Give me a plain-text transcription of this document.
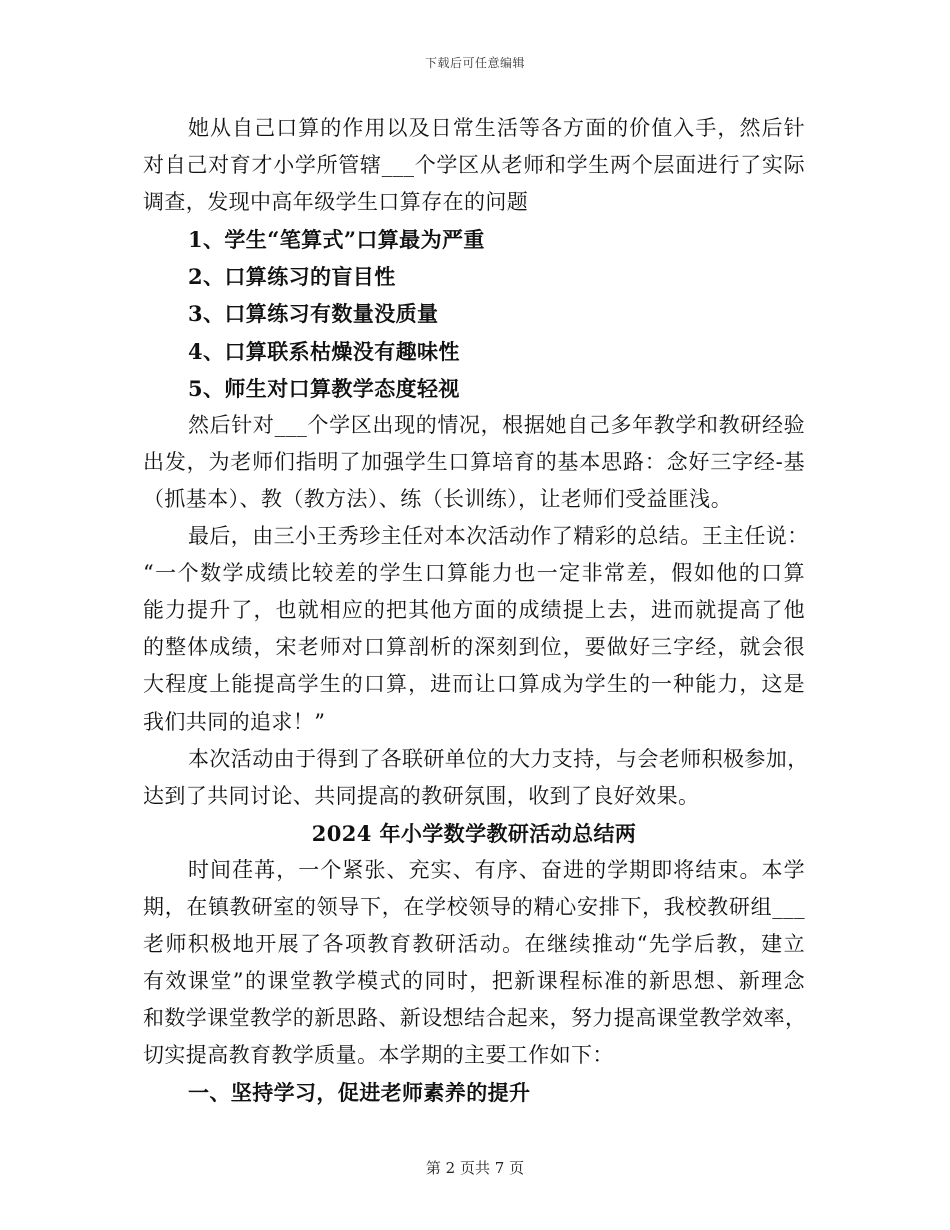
下载后可任意编辑
她从自己口算的作用以及日常生活等各方面的价值入手，然后针
对自己对育才小学所管辖___个学区从老师和学生两个层面进行了实际
调查，发现中高年级学生口算存在的问题
1、学生“笔算式”口算最为严重
2、口算练习的盲目性
3、口算练习有数量没质量
4、口算联系枯燥没有趣味性
5、师生对口算教学态度轻视
然后针对___个学区出现的情况，根据她自己多年教学和教研经验
出发，为老师们指明了加强学生口算培育的基本思路：念好三字经-基
（抓基本）、教（教方法）、练（长训练），让老师们受益匪浅。
最后，由三小王秀珍主任对本次活动作了精彩的总结。王主任说：
“一个数学成绩比较差的学生口算能力也一定非常差，假如他的口算
能力提升了，也就相应的把其他方面的成绩提上去，进而就提高了他
的整体成绩，宋老师对口算剖析的深刻到位，要做好三字经，就会很
大程度上能提高学生的口算，进而让口算成为学生的一种能力，这是
我们共同的追求！”
本次活动由于得到了各联研单位的大力支持，与会老师积极参加，
达到了共同讨论、共同提高的教研氛围，收到了良好效果。
2024 年小学数学教研活动总结两
时间荏苒，一个紧张、充实、有序、奋进的学期即将结束。本学
期，在镇教研室的领导下，在学校领导的精心安排下，我校教研组___
老师积极地开展了各项教育教研活动。在继续推动“先学后教，建立
有效课堂”的课堂教学模式的同时，把新课程标准的新思想、新理念
和数学课堂教学的新思路、新设想结合起来，努力提高课堂教学效率，
切实提高教育教学质量。本学期的主要工作如下：
一、坚持学习，促进老师素养的提升
第 2 页共 7 页
